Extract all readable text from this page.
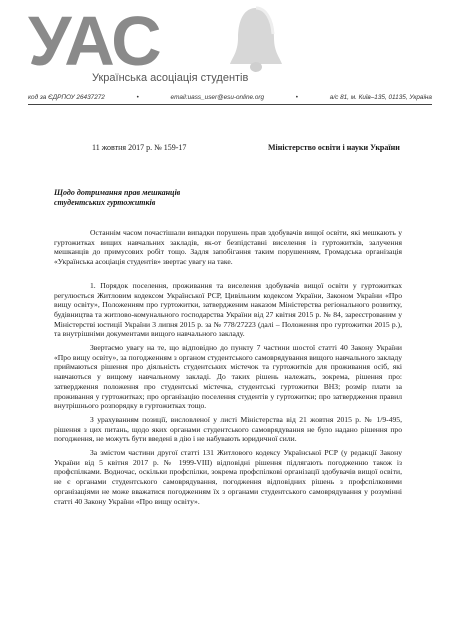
УАС
Українська асоціація студентів
код за ЄДРПОУ 26437272	•	email:uass_user@esu-online.org	•	а/с 81, м. Київ–135, 01135, Україна
11 жовтня 2017 р. № 159-17	Міністерство освіти і науки України
Щодо дотримання прав мешканців
студентських гуртожитків

Останнім часом почастішали випадки порушень прав здобувачів вищої освіти, які мешкають у гуртожитках вищих навчальних закладів, як-от безпідставні виселення із гуртожитків, залучення мешканців до примусових робіт тощо. Задля запобігання таким порушенням, Громадська організація «Українська асоціація студентів» звертає увагу на таке.

1. Порядок поселення, проживання та виселення здобувачів вищої освіти у гуртожитках регулюється Житловим кодексом Української РСР, Цивільним кодексом України, Законом України «Про вищу освіту», Положенням про гуртожитки, затвердженим наказом Міністерства регіонального розвитку, будівництва та житлово-комунального господарства України від 27 квітня 2015 р. № 84, зареєстрованим у Міністерстві юстиції України 3 липня 2015 р. за № 778/27223 (далі – Положення про гуртожитки 2015 р.), та внутрішніми документами вищого навчального закладу.

Звертаємо увагу на те, що відповідно до пункту 7 частини шостої статті 40 Закону України «Про вищу освіту», за погодженням з органом студентського самоврядування вищого навчального закладу приймаються рішення про діяльність студентських містечок та гуртожитків для проживання осіб, які навчаються у вищому навчальному закладі. До таких рішень належать, зокрема, рішення про: затвердження положення про студентські містечка, студентські гуртожитки ВНЗ; розмір плати за проживання у гуртожитках; про організацію поселення студентів у гуртожитки; про затвердження правил внутрішнього розпорядку в гуртожитках тощо.

З урахуванням позиції, висловленої у листі Міністерства від 21 жовтня 2015 р. № 1/9-495, рішення з цих питань, щодо яких органами студентського самоврядування не було надано рішення про погодження, не можуть бути введені в дію і не набувають юридичної сили.

За змістом частини другої статті 131 Житлового кодексу Української РСР (у редакції Закону України від 5 квітня 2017 р. № 1999-VIII) відповідні рішення підлягають погодженню також із профспілками. Водночас, оскільки профспілки, зокрема профспілкові організації здобувачів вищої освіти, не є органами студентського самоврядування, погодження відповідних рішень з профспілковими організаціями не може вважатися погодженням їх з органами студентського самоврядування у розумінні статті 40 Закону України «Про вищу освіту».
